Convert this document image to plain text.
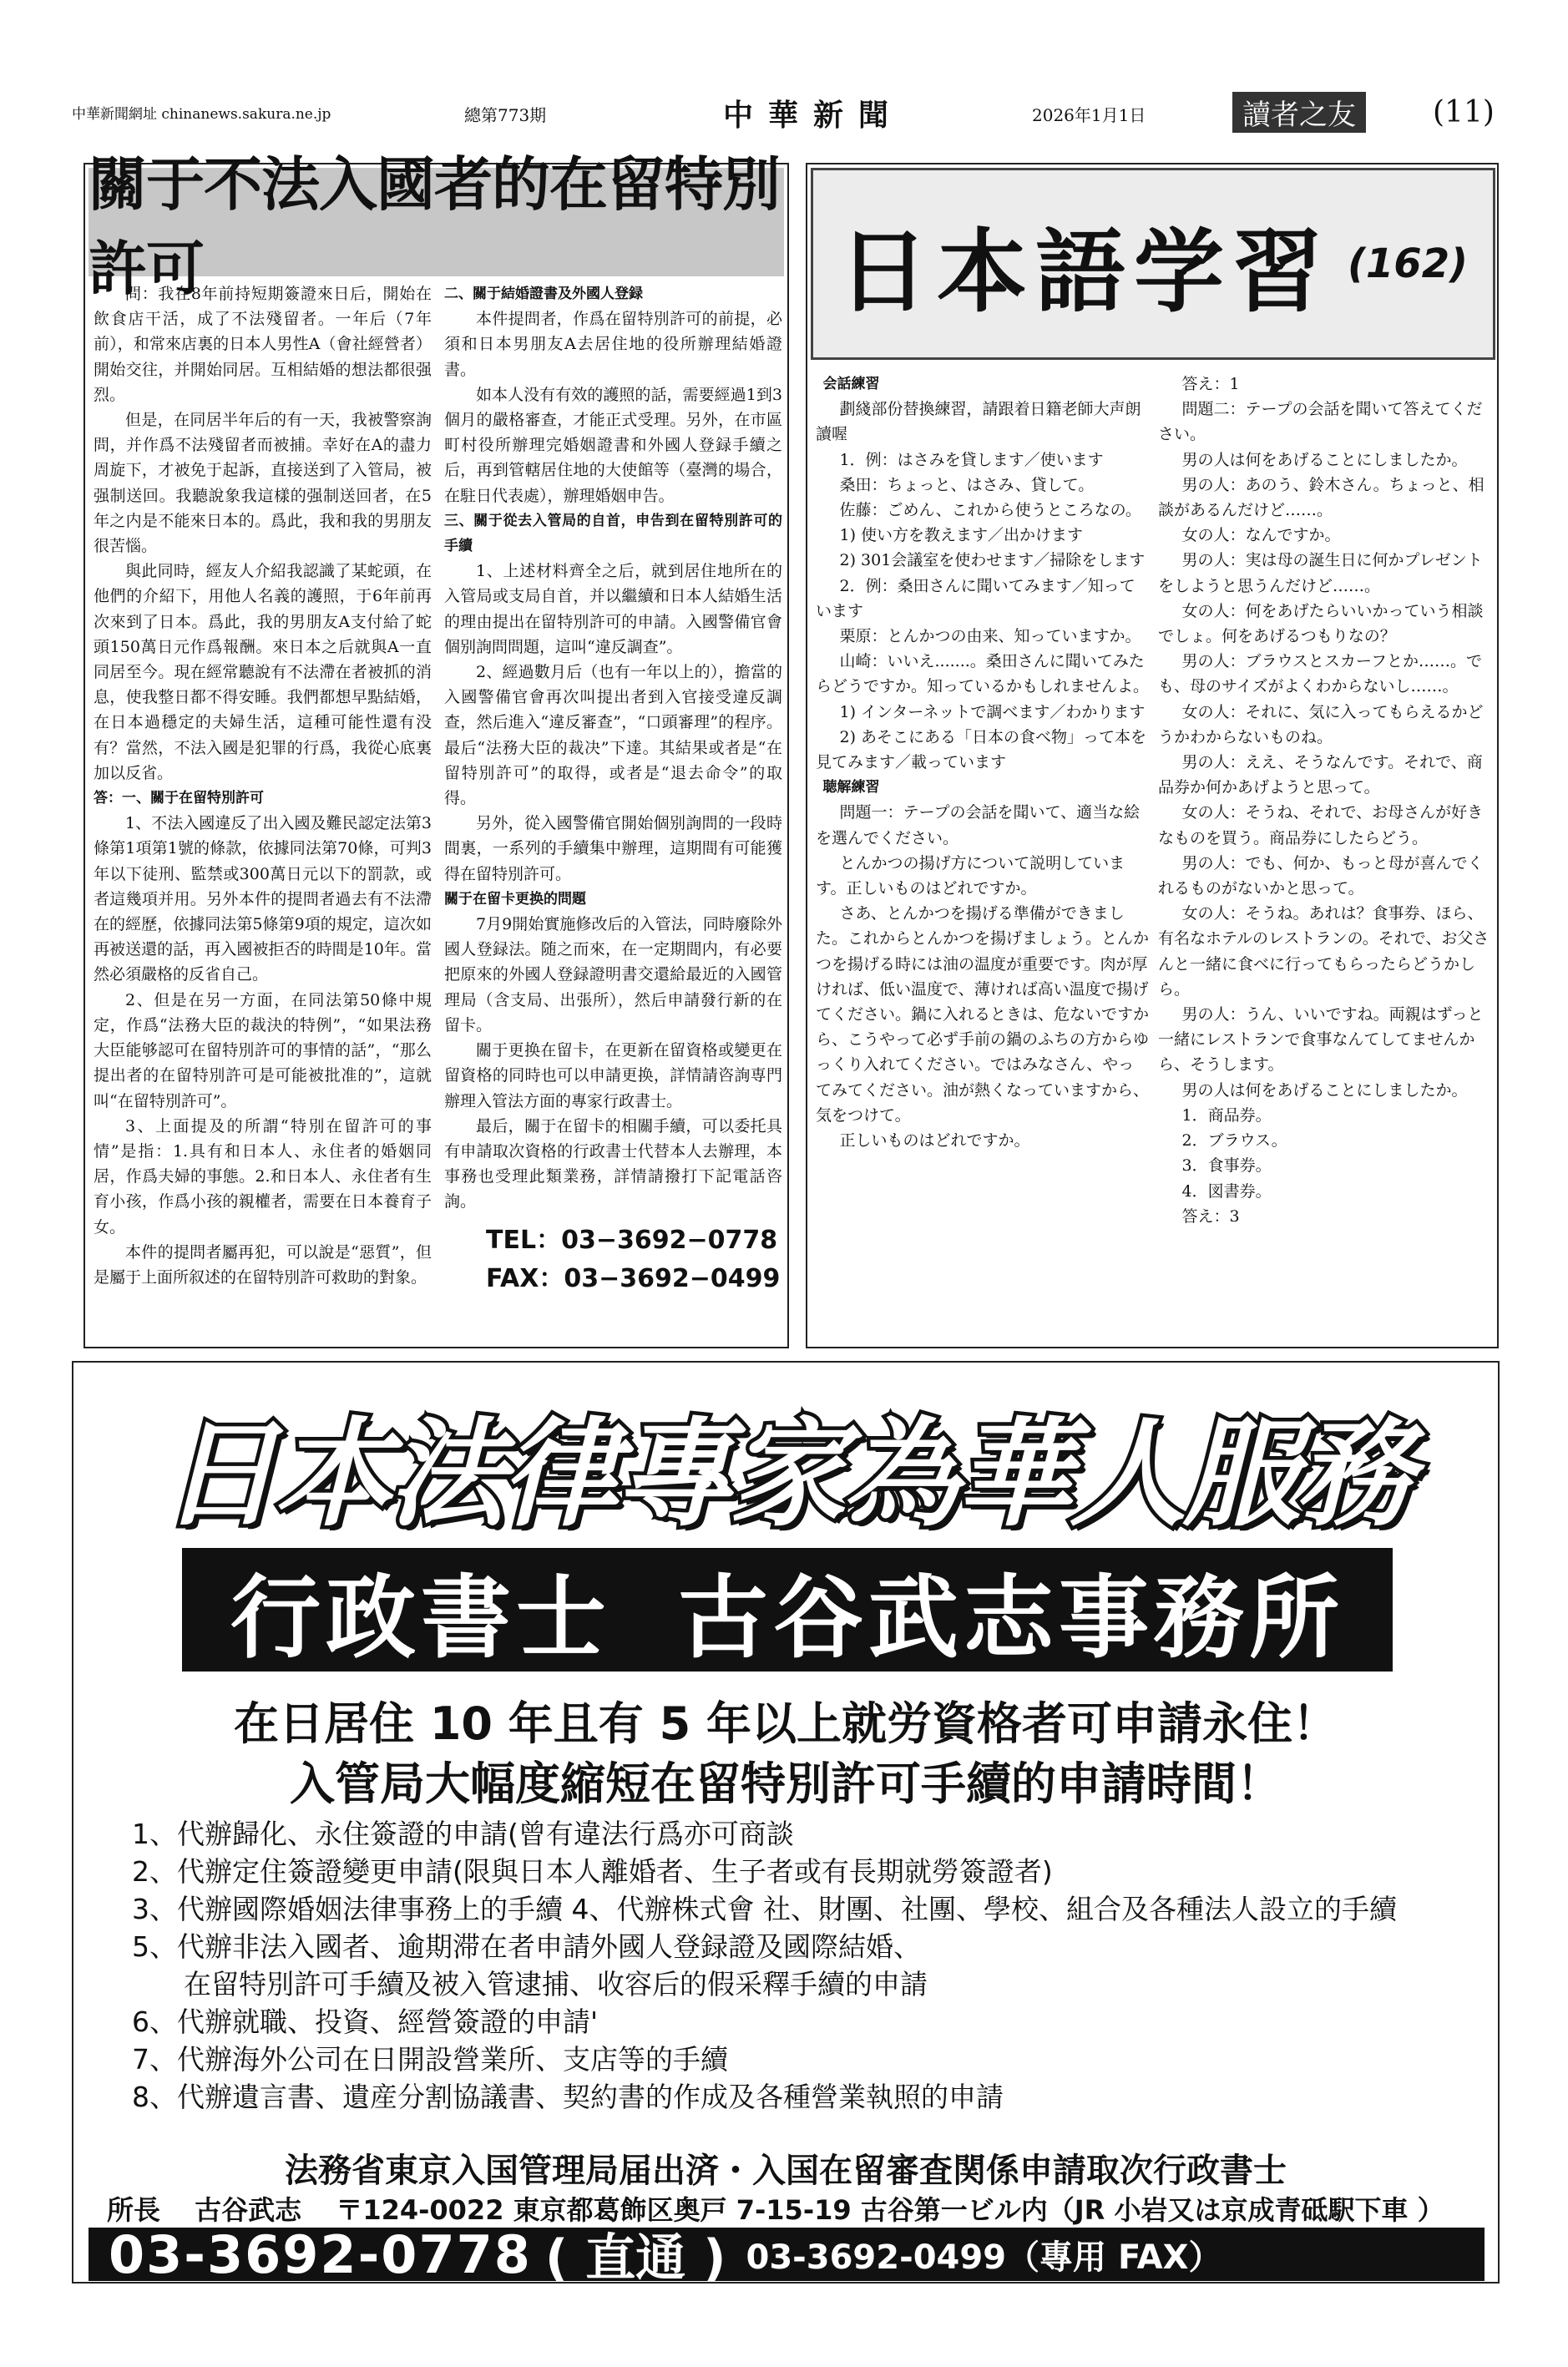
中華新聞網址 chinanews.sakura.ne.jp	總第773期	中華新聞	2026年1月1日	讀者之友	(11)
關于不法入國者的在留特別許可

問：我在8年前持短期簽證來日后，開始在飲食店干活，成了不法殘留者。一年后（7年前），和常來店裏的日本人男性A（會社經營者）開始交往，并開始同居。互相結婚的想法都很强烈。

但是，在同居半年后的有一天，我被警察詢問，并作爲不法殘留者而被捕。幸好在A的盡力周旋下，才被免于起訴，直接送到了入管局，被强制送回。我聽說象我這樣的强制送回者，在5年之内是不能來日本的。爲此，我和我的男朋友很苦惱。

與此同時，經友人介紹我認識了某蛇頭，在他們的介紹下，用他人名義的護照，于6年前再次來到了日本。爲此，我的男朋友A支付給了蛇頭150萬日元作爲報酬。來日本之后就與A一直同居至今。現在經常聽說有不法滯在者被抓的消息，使我整日都不得安睡。我們都想早點結婚，在日本過穩定的夫婦生活，這種可能性還有没有？當然，不法入國是犯罪的行爲，我從心底裏加以反省。

答：一、關于在留特別許可

1、不法入國違反了出入國及難民認定法第3條第1項第1號的條款，依據同法第70條，可判3年以下徒刑、監禁或300萬日元以下的罰款，或者這幾項并用。另外本件的提問者過去有不法滯在的經歷，依據同法第5條第9項的規定，這次如再被送還的話，再入國被拒否的時間是10年。當然必須嚴格的反省自己。

2、但是在另一方面，在同法第50條中規定，作爲“法務大臣的裁決的特例”，“如果法務大臣能够認可在留特別許可的事情的話”，“那么提出者的在留特別許可是可能被批准的”，這就叫“在留特別許可”。

3、上面提及的所謂“特別在留許可的事情”是指：1.具有和日本人、永住者的婚姻同居，作爲夫婦的事態。2.和日本人、永住者有生育小孩，作爲小孩的親權者，需要在日本養育子女。

本件的提問者屬再犯，可以說是“惡質”，但是屬于上面所叙述的在留特別許可救助的對象。

二、關于結婚證書及外國人登録

本件提問者，作爲在留特別許可的前提，必須和日本男朋友A去居住地的役所辦理結婚證書。

如本人没有有效的護照的話，需要經過1到3個月的嚴格審查，才能正式受理。另外，在市區町村役所辦理完婚姻證書和外國人登録手續之后，再到管轄居住地的大使館等（臺灣的場合，在駐日代表處），辦理婚姻申告。

三、關于從去入管局的自首，申告到在留特別許可的手續

1、上述材料齊全之后，就到居住地所在的入管局或支局自首，并以繼續和日本人結婚生活的理由提出在留特別許可的申請。入國警備官會個别詢問問題，這叫“違反調查”。

2、經過數月后（也有一年以上的），擔當的入國警備官會再次叫提出者到入官接受違反調查，然后進入“違反審查”，“口頭審理”的程序。最后“法務大臣的裁决”下達。其結果或者是“在留特別許可”的取得，或者是“退去命令”的取得。

另外，從入國警備官開始個别詢問的一段時間裏，一系列的手續集中辦理，這期間有可能獲得在留特別許可。

關于在留卡更换的問題

7月9開始實施修改后的入管法，同時廢除外國人登録法。随之而來，在一定期間内，有必要把原來的外國人登録證明書交還給最近的入國管理局（含支局、出張所），然后申請發行新的在留卡。

關于更换在留卡，在更新在留資格或變更在留資格的同時也可以申請更换，詳情請咨詢専門辦理入管法方面的專家行政書士。

最后，關于在留卡的相關手續，可以委托具有申請取次資格的行政書士代替本人去辦理，本事務也受理此類業務，詳情請撥打下記電話咨詢。

TEL：03−3692−0778
FAX：03−3692−0499
日本語学習 (162)

会話練習

劃綫部份替換練習，請跟着日籍老師大声朗讀喔

1．例：はさみを貸します／使います

桑田：ちょっと、はさみ、貸して。

佐藤：ごめん、これから使うところなの。

1) 使い方を教えます／出かけます

2) 301会議室を使わせます／掃除をします

2．例：桑田さんに聞いてみます／知っています

栗原：とんかつの由来、知っていますか。

山崎：いいえ.......。桑田さんに聞いてみたらどうですか。知っているかもしれませんよ。

1) インターネットで調べます／わかります

2) あそこにある「日本の食べ物」って本を見てみます／載っています

聴解練習

問題一：テープの会話を聞いて、適当な絵を選んでください。

とんかつの揚げ方について説明しています。正しいものはどれですか。

さあ、とんかつを揚げる準備ができました。これからとんかつを揚げましょう。とんかつを揚げる時には油の温度が重要です。肉が厚ければ、低い温度で、薄ければ高い温度で揚げてください。鍋に入れるときは、危ないですから、こうやって必ず手前の鍋のふちの方からゆっくり入れてください。ではみなさん、やってみてください。油が熱くなっていますから、気をつけて。

正しいものはどれですか。

答え：1

問題二：テープの会話を聞いて答えてください。

男の人は何をあげることにしましたか。

男の人：あのう、鈴木さん。ちょっと、相談があるんだけど……。

女の人：なんですか。

男の人：実は母の誕生日に何かプレゼントをしようと思うんだけど……。

女の人：何をあげたらいいかっていう相談でしょ。何をあげるつもりなの？

男の人：ブラウスとスカーフとか……。でも、母のサイズがよくわからないし……。

女の人：それに、気に入ってもらえるかどうかわからないものね。

男の人：ええ、そうなんです。それで、商品券か何かあげようと思って。

女の人：そうね、それで、お母さんが好きなものを買う。商品券にしたらどう。

男の人：でも、何か、もっと母が喜んでくれるものがないかと思って。

女の人：そうね。あれは？食事券、ほら、有名なホテルのレストランの。それで、お父さんと一緒に食べに行ってもらったらどうかしら。

男の人：うん、いいですね。両親はずっと一緒にレストランで食事なんてしてませんから、そうします。

男の人は何をあげることにしましたか。

1．商品券。

2．ブラウス。

3．食事券。

4．図書券。

答え：3

日本法律專家為華人服務
行政書士 古谷武志事務所
在日居住 10 年且有 5 年以上就労資格者可申請永住！
入管局大幅度縮短在留特別許可手續的申請時間！
1、代辦歸化、永住簽證的申請(曾有違法行爲亦可商談
2、代辦定住簽證變更申請(限與日本人離婚者、生子者或有長期就勞簽證者)
3、代辦國際婚姻法律事務上的手續 4、代辦株式會 社、財團、社團、學校、組合及各種法人設立的手續
5、代辦非法入國者、逾期滞在者申請外國人登録證及國際結婚、
在留特別許可手續及被入管逮捕、收容后的假采釋手續的申請
6、代辦就職、投資、經營簽證的申請'
7、代辦海外公司在日開設營業所、支店等的手續
8、代辦遺言書、遺産分割協議書、契約書的作成及各種營業執照的申請
法務省東京入国管理局届出済・入国在留審査関係申請取次行政書士
所長 古谷武志 〒124-0022 東京都葛飾区奥戸 7-15-19 古谷第一ビル内（JR 小岩又は京成青砥駅下車 ）
03-3692-0778 ( 直通 ) 03-3692-0499（專用 FAX）
